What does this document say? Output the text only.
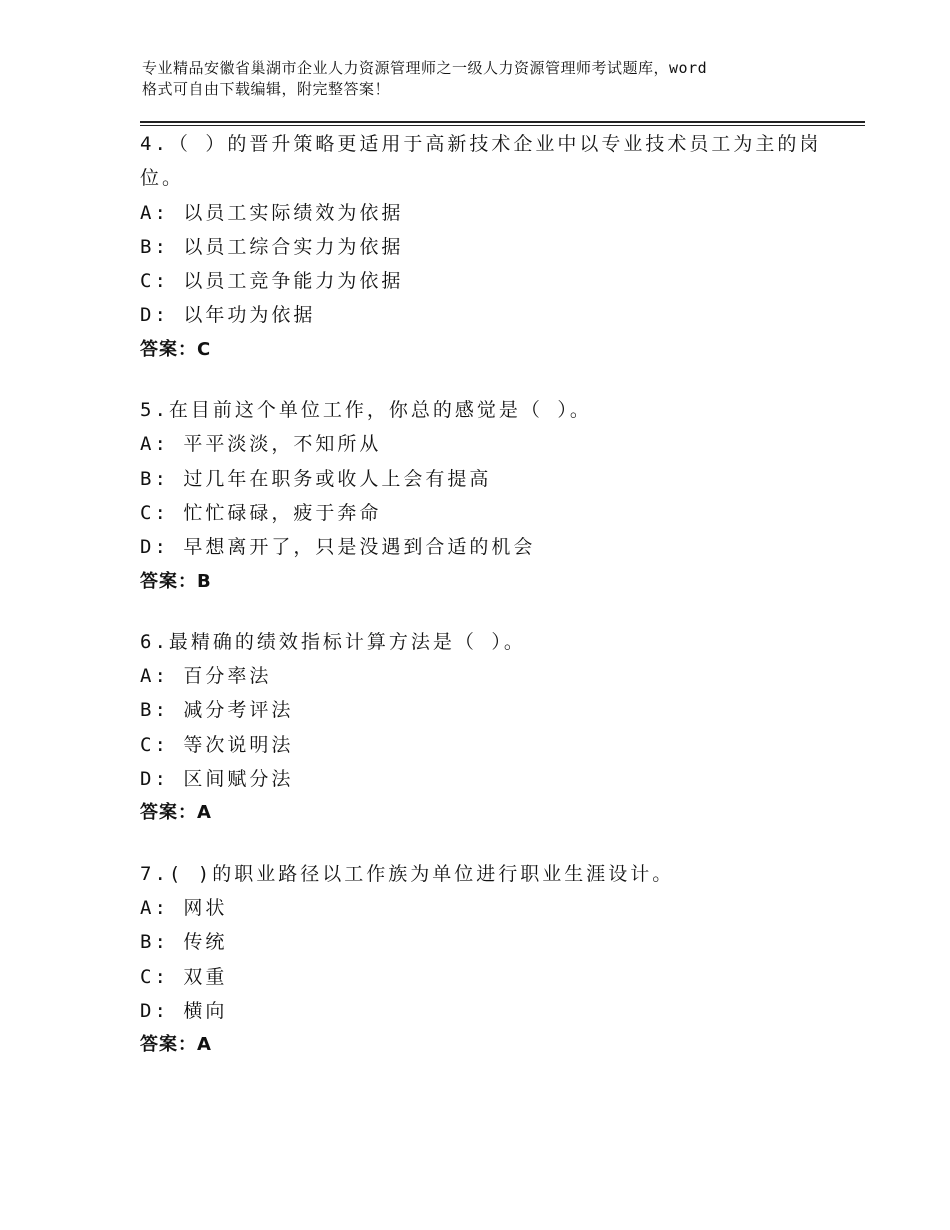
专业精品安徽省巢湖市企业人力资源管理师之一级人力资源管理师考试题库，word
格式可自由下载编辑，附完整答案！
4.（ ）的晋升策略更适用于高新技术企业中以专业技术员工为主的岗
位。
A: 以员工实际绩效为依据
B: 以员工综合实力为依据
C: 以员工竞争能力为依据
D: 以年功为依据
答案：C
5.在目前这个单位工作，你总的感觉是（ ）。
A: 平平淡淡，不知所从
B: 过几年在职务或收人上会有提高
C: 忙忙碌碌，疲于奔命
D: 早想离开了，只是没遇到合适的机会
答案：B
6.最精确的绩效指标计算方法是（ ）。
A: 百分率法
B: 减分考评法
C: 等次说明法
D: 区间赋分法
答案：A
7.( )的职业路径以工作族为单位进行职业生涯设计。
A: 网状
B: 传统
C: 双重
D: 横向
答案：A
